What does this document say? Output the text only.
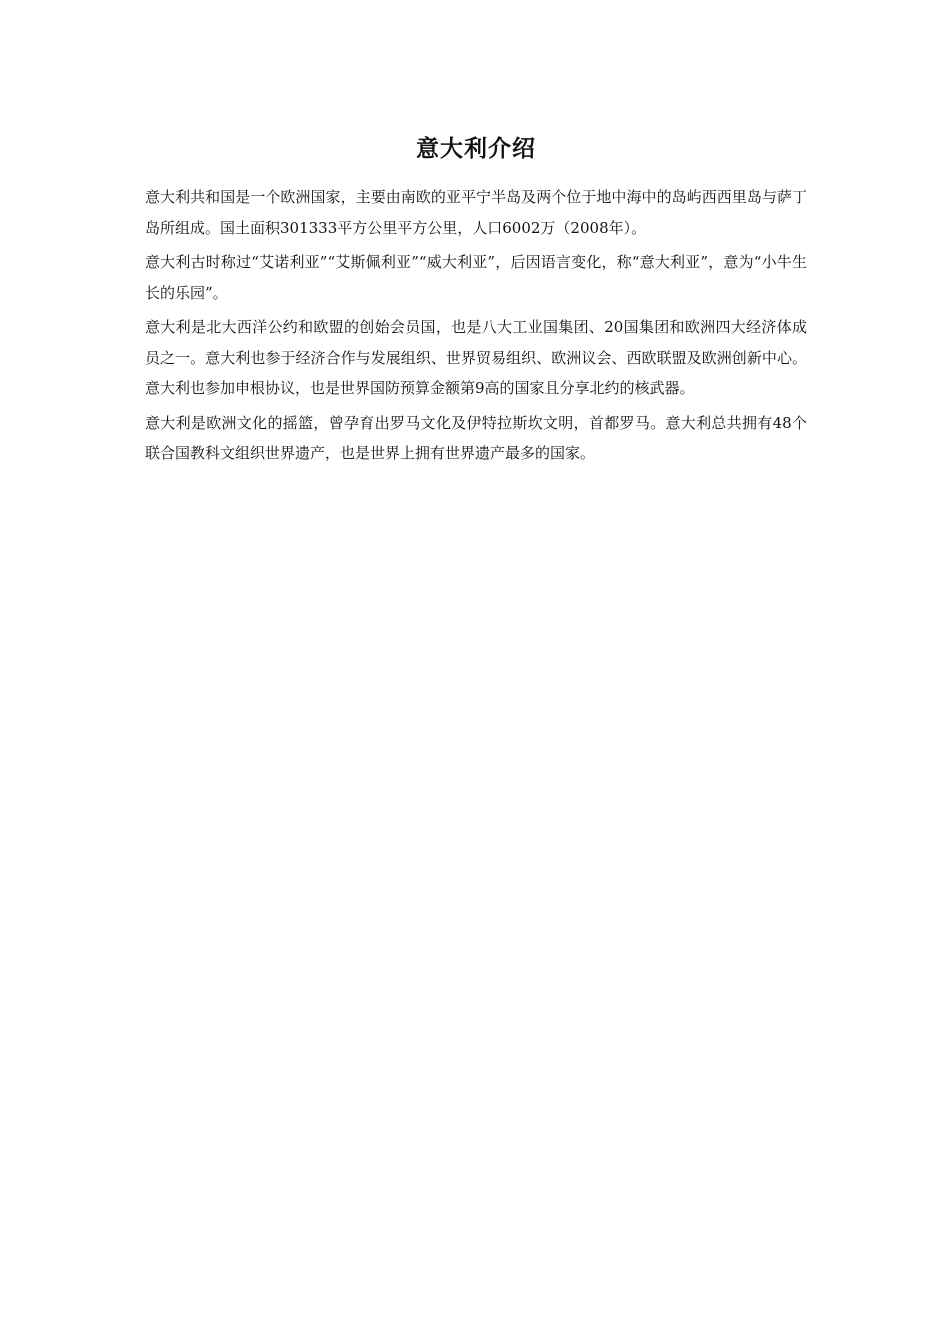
意大利介绍

意大利共和国是一个欧洲国家，主要由南欧的亚平宁半岛及两个位于地中海中的岛屿西西里岛与萨丁岛所组成。国土面积301333平方公里平方公里，人口6002万（2008年）。

意大利古时称过“艾诺利亚”“艾斯佩利亚”“威大利亚”，后因语言变化，称“意大利亚”，意为“小牛生长的乐园”。

意大利是北大西洋公约和欧盟的创始会员国，也是八大工业国集团、20国集团和欧洲四大经济体成员之一。意大利也参于经济合作与发展组织、世界贸易组织、欧洲议会、西欧联盟及欧洲创新中心。意大利也参加申根协议，也是世界国防预算金额第9高的国家且分享北约的核武器。

意大利是欧洲文化的摇篮，曾孕育出罗马文化及伊特拉斯坎文明，首都罗马。意大利总共拥有48个联合国教科文组织世界遗产，也是世界上拥有世界遗产最多的国家。
